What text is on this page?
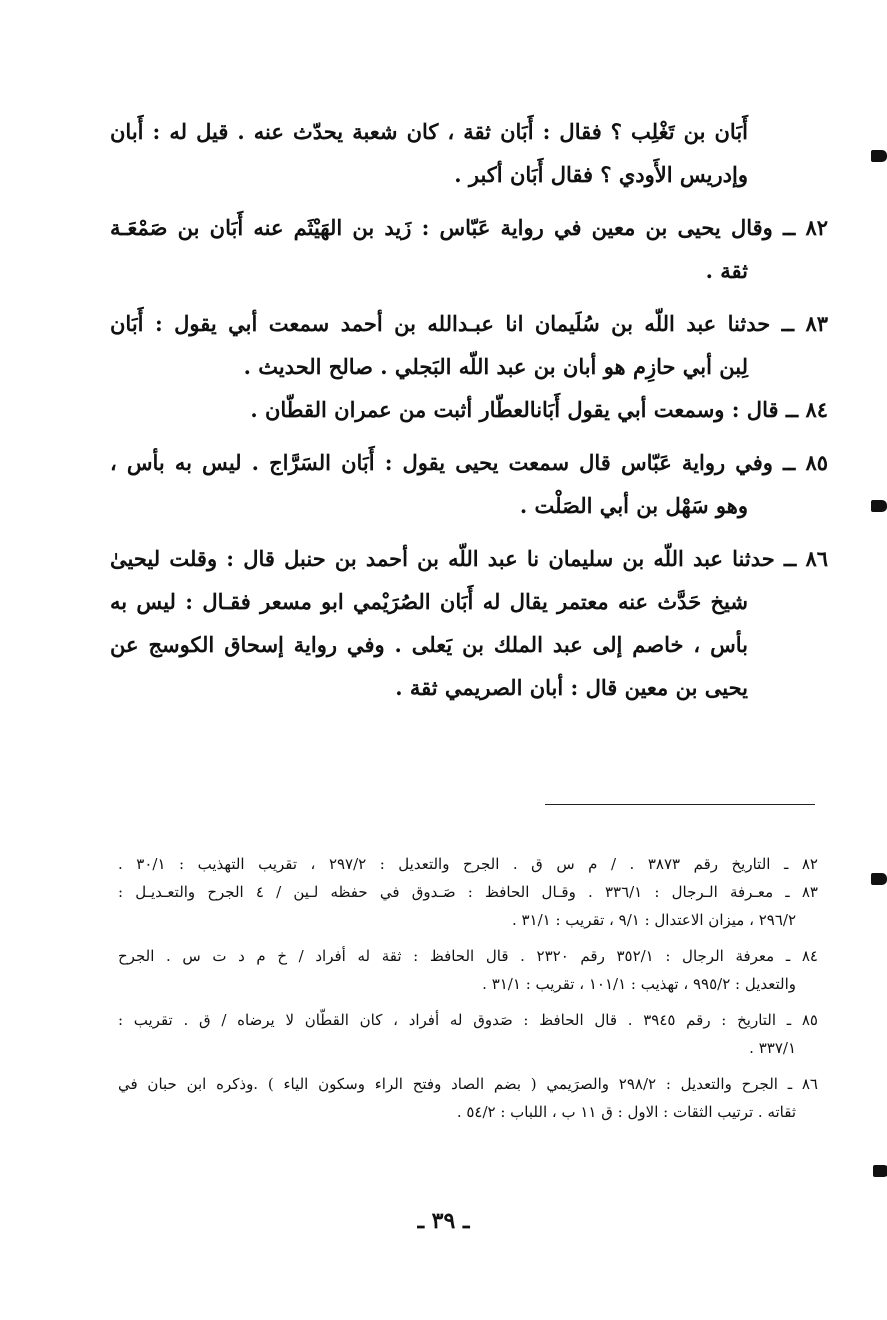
أَبَان بن تَغْلِب ؟ فقال : أَبَان ثقة ، كان شعبة يحدّث عنه . قيل له : أَبان
وإدريس الأَودي ؟ فقال أَبَان أكبر .
٨٢ ــ وقال يحيى بن معين في رواية عَبّاس : زَيد بن الهَيْثَم عنه أَبَان بن صَمْعَـة
ثقة .
٨٣ ــ حدثنا عبد اللّه بن سُلَيمان انا عبـدالله بن أحمد سمعت أبي يقول : أَبَان
لِبن أبي حازِم هو أبان بن عبد اللّه البَجلي . صالح الحديث .
٨٤ ــ قال : وسمعت أبي يقول أَبَانالعطّار أثبت من عمران القطّان .
٨٥ ــ وفي رواية عَبّاس قال سمعت يحيى يقول : أَبَان السَرَّاج . ليس به بأس ،
وهو سَهْل بن أبي الصَلْت .
٨٦ ــ حدثنا عبد اللّه بن سليمان نا عبد اللّه بن أحمد بن حنبل قال : وقلت ليحيىٰ
شيخ حَدَّث عنه معتمر يقال له أَبَان الصُرَيْمي ابو مسعر فقـال : ليس به
بأس ، خاصم إلى عبد الملك بن يَعلى . وفي رواية إسحاق الكوسج عن
يحيى بن معين قال : أبان الصريمي ثقة .
٨٢ ـ التاريخ رقم ٣٨٧٣ . / م س ق . الجرح والتعديل : ٢٩٧/٢ ، تقريب التهذيب : ٣٠/١ .
٨٣ ـ معـرفة الـرجال : ٣٣٦/١ . وقـال الحافظ : صَـدوق في حفظه لـين / ٤ الجرح والتعـديـل :
٢٩٦/٢ ، ميزان الاعتدال : ٩/١ ، تقريب : ٣١/١ .
٨٤ ـ معرفة الرجال : ٣٥٢/١ رقم ٢٣٢٠ . قال الحافظ : ثقة له أفراد / خ م د ت س . الجرح
والتعديل : ٩٩٥/٢ ، تهذيب : ١٠١/١ ، تقريب : ٣١/١ .
٨٥ ـ التاريخ : رقم ٣٩٤٥ . قال الحافظ : صَدوق له أفراد ، كان القطّان لا يرضاه / ق . تقريب :
٣٣٧/١ .
٨٦ ـ الجرح والتعديل : ٢٩٨/٢ والصرَيمي ( بضم الصاد وفتح الراء وسكون الياء ) .وذكره ابن حبان في
ثقاته . ترتيب الثقات : الاول : ق ١١ ب ، اللباب : ٥٤/٢ .
ـ ٣٩ ـ
